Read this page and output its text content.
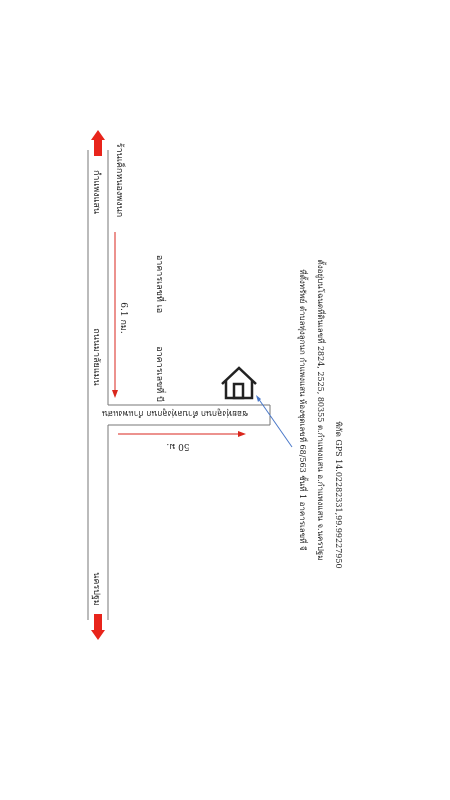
กำแพงแสน ร้านเค็กหนองพงนก
ถนนมาลัยแมน
6.1 กม.
อาคารเลขที่ เอ
อาคารเลขที่ บี
นครปฐม
ซอยทุ่งลูกนก ตำบลทุ่งลูกนก กำแพงแสน
50 ม.	ที่ตั้งทรัพย์ ตำบลทุ่งลูกนก กำแพงแสน ห้องชุดเลขที่ 68/563 ชั้นที่ 1 อาคารเลขที่ จี ตั้งอยู่บนโฉนดที่ดินเลขที่ 2824, 2525, 80355 ต.กำแพงแสน อ.กำแพงแสน จ.นครปฐม พิกัด GPS 14.02282331,99.99227950
